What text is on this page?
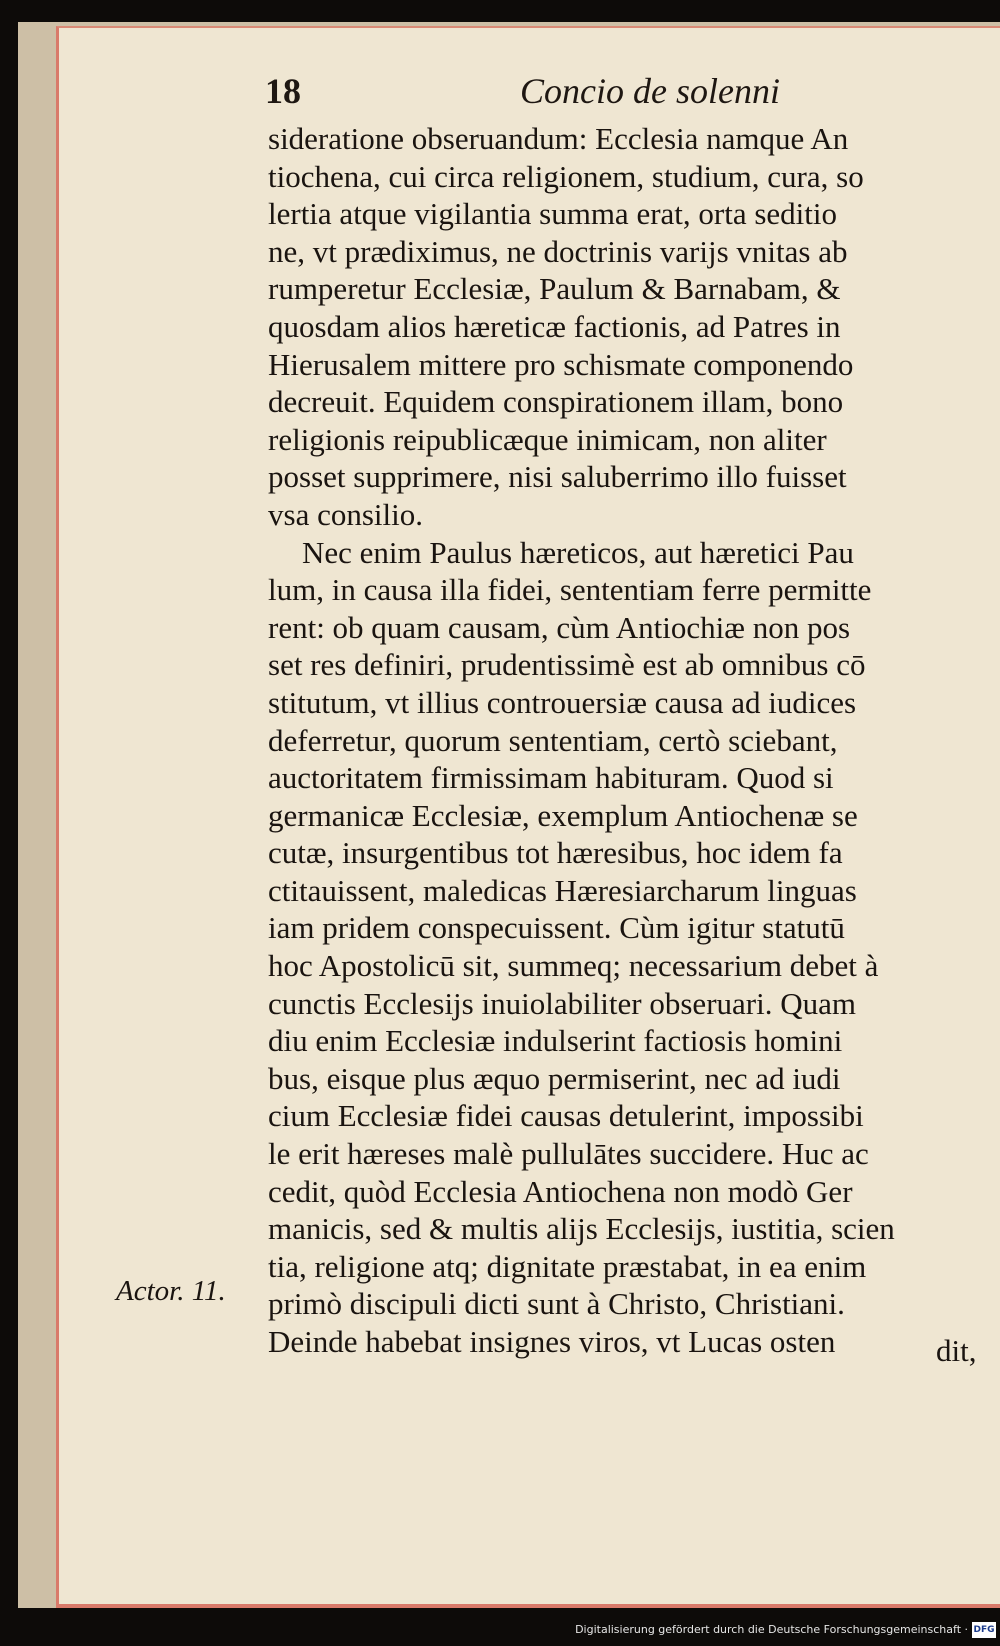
18	Concio de solenni
sideratione obseruandum: Ecclesia namque An
tiochena, cui circa religionem, studium, cura, so
lertia atque vigilantia summa erat, orta seditio
ne, vt prædiximus, ne doctrinis varijs vnitas ab
rumperetur Ecclesiæ, Paulum & Barnabam, &
quosdam alios hæreticæ factionis, ad Patres in
Hierusalem mittere pro schismate componendo
decreuit. Equidem conspirationem illam, bono
religionis reipublicæque inimicam, non aliter
posset supprimere, nisi saluberrimo illo fuisset
vsa consilio.
Nec enim Paulus hæreticos, aut hæretici Pau
lum, in causa illa fidei, sententiam ferre permitte
rent: ob quam causam, cùm Antiochiæ non pos
set res definiri, prudentissimè est ab omnibus cō
stitutum, vt illius controuersiæ causa ad iudices
deferretur, quorum sententiam, certò sciebant,
auctoritatem firmissimam habituram. Quod si
germanicæ Ecclesiæ, exemplum Antiochenæ se
cutæ, insurgentibus tot hæresibus, hoc idem fa
ctitauissent, maledicas Hæresiarcharum linguas
iam pridem conspecuissent. Cùm igitur statutū
hoc Apostolicū sit, summeq; necessarium debet à
cunctis Ecclesijs inuiolabiliter obseruari. Quam
diu enim Ecclesiæ indulserint factiosis homini
bus, eisque plus æquo permiserint, nec ad iudi
cium Ecclesiæ fidei causas detulerint, impossibi
le erit hæreses malè pullulātes succidere. Huc ac
cedit, quòd Ecclesia Antiochena non modò Ger
manicis, sed & multis alijs Ecclesijs, iustitia, scien
tia, religione atq; dignitate præstabat, in ea enim
primò discipuli dicti sunt à Christo, Christiani.
Deinde habebat insignes viros, vt Lucas osten
Actor. 11.
dit,
Digitalisierung gefördert durch die Deutsche Forschungsgemeinschaft · DFG
